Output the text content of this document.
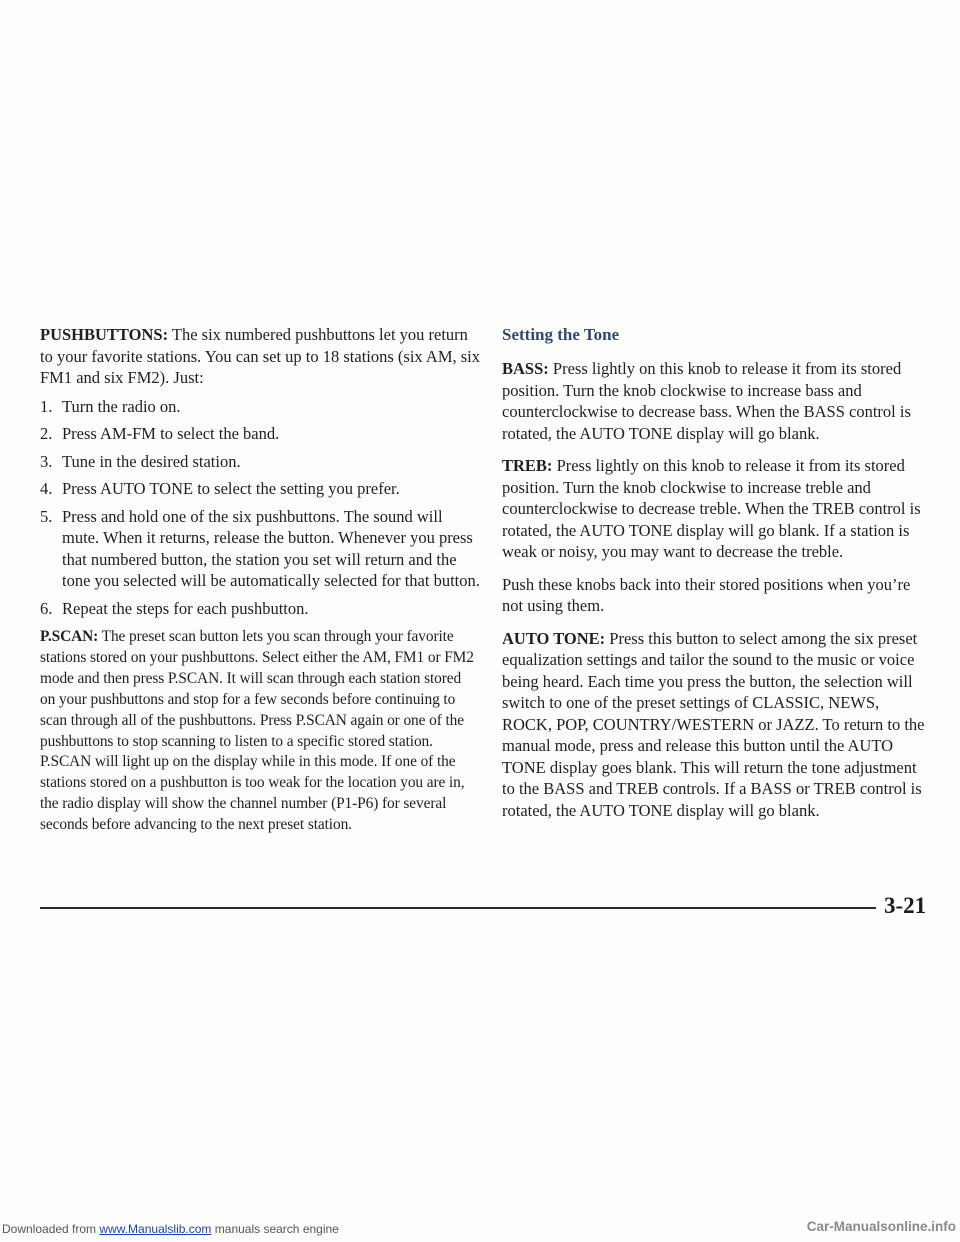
PUSHBUTTONS: The six numbered pushbuttons let you return to your favorite stations. You can set up to 18 stations (six AM, six FM1 and six FM2). Just:

1. Turn the radio on.
2. Press AM-FM to select the band.
3. Tune in the desired station.
4. Press AUTO TONE to select the setting you prefer.
5. Press and hold one of the six pushbuttons. The sound will mute. When it returns, release the button. Whenever you press that numbered button, the station you set will return and the tone you selected will be automatically selected for that button.
6. Repeat the steps for each pushbutton.

P.SCAN: The preset scan button lets you scan through your favorite stations stored on your pushbuttons. Select either the AM, FM1 or FM2 mode and then press P.SCAN. It will scan through each station stored on your pushbuttons and stop for a few seconds before continuing to scan through all of the pushbuttons. Press P.SCAN again or one of the pushbuttons to stop scanning to listen to a specific stored station. P.SCAN will light up on the display while in this mode. If one of the stations stored on a pushbutton is too weak for the location you are in, the radio display will show the channel number (P1-P6) for several seconds before advancing to the next preset station.

Setting the Tone

BASS: Press lightly on this knob to release it from its stored position. Turn the knob clockwise to increase bass and counterclockwise to decrease bass. When the BASS control is rotated, the AUTO TONE display will go blank.

TREB: Press lightly on this knob to release it from its stored position. Turn the knob clockwise to increase treble and counterclockwise to decrease treble. When the TREB control is rotated, the AUTO TONE display will go blank. If a station is weak or noisy, you may want to decrease the treble.

Push these knobs back into their stored positions when you’re not using them.

AUTO TONE: Press this button to select among the six preset equalization settings and tailor the sound to the music or voice being heard. Each time you press the button, the selection will switch to one of the preset settings of CLASSIC, NEWS, ROCK, POP, COUNTRY/WESTERN or JAZZ. To return to the manual mode, press and release this button until the AUTO TONE display goes blank. This will return the tone adjustment to the BASS and TREB controls. If a BASS or TREB control is rotated, the AUTO TONE display will go blank.

3-21
Downloaded from www.Manualslib.com manuals search engine	Car-Manualsonline.info
